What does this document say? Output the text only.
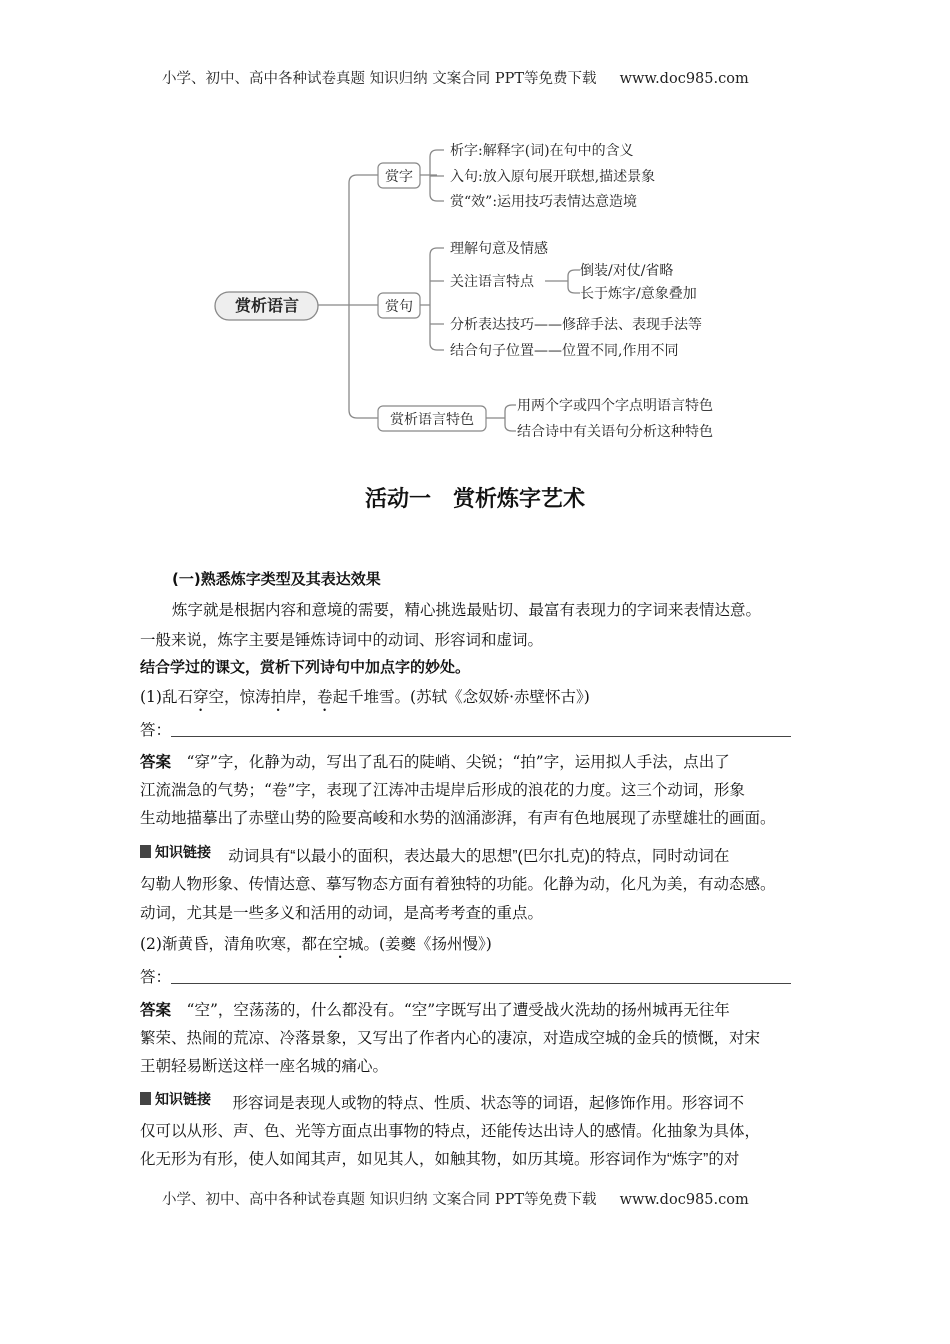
小学、初中、高中各种试卷真题 知识归纳 文案合同 PPT等免费下载 www.doc985.com
赏析语言
赏字
赏句
赏析语言特色
析字:解释字(词)在句中的含义
入句:放入原句展开联想,描述景象
赏“效”:运用技巧表情达意造境
理解句意及情感
关注语言特点
分析表达技巧——修辞手法、表现手法等
结合句子位置——位置不同,作用不同
倒装/对仗/省略
长于炼字/意象叠加
用两个字或四个字点明语言特色
结合诗中有关语句分析这种特色
活动一　赏析炼字艺术
(一)熟悉炼字类型及其表达效果
炼字就是根据内容和意境的需要，精心挑选最贴切、最富有表现力的字词来表情达意。
一般来说，炼字主要是锤炼诗词中的动词、形容词和虚词。
结合学过的课文，赏析下列诗句中加点字的妙处。
(1)乱石穿空，惊涛拍岸，卷起千堆雪。(苏轼《念奴娇·赤壁怀古》)
答：
答案　“穿”字，化静为动，写出了乱石的陡峭、尖锐；“拍”字，运用拟人手法，点出了
江流湍急的气势；“卷”字，表现了江涛冲击堤岸后形成的浪花的力度。这三个动词，形象
生动地描摹出了赤壁山势的险要高峻和水势的汹涌澎湃，有声有色地展现了赤壁雄壮的画面。
知识链接 动词具有“以最小的面积，表达最大的思想”(巴尔扎克)的特点，同时动词在
勾勒人物形象、传情达意、摹写物态方面有着独特的功能。化静为动，化凡为美，有动态感。
动词，尤其是一些多义和活用的动词，是高考考查的重点。
(2)渐黄昏，清角吹寒，都在空城。(姜夔《扬州慢》)
答：
答案　“空”，空荡荡的，什么都没有。“空”字既写出了遭受战火洗劫的扬州城再无往年
繁荣、热闹的荒凉、冷落景象，又写出了作者内心的凄凉，对造成空城的金兵的愤慨，对宋
王朝轻易断送这样一座名城的痛心。
知识链接 形容词是表现人或物的特点、性质、状态等的词语，起修饰作用。形容词不
仅可以从形、声、色、光等方面点出事物的特点，还能传达出诗人的感情。化抽象为具体，
化无形为有形，使人如闻其声，如见其人，如触其物，如历其境。形容词作为“炼字”的对
小学、初中、高中各种试卷真题 知识归纳 文案合同 PPT等免费下载 www.doc985.com
